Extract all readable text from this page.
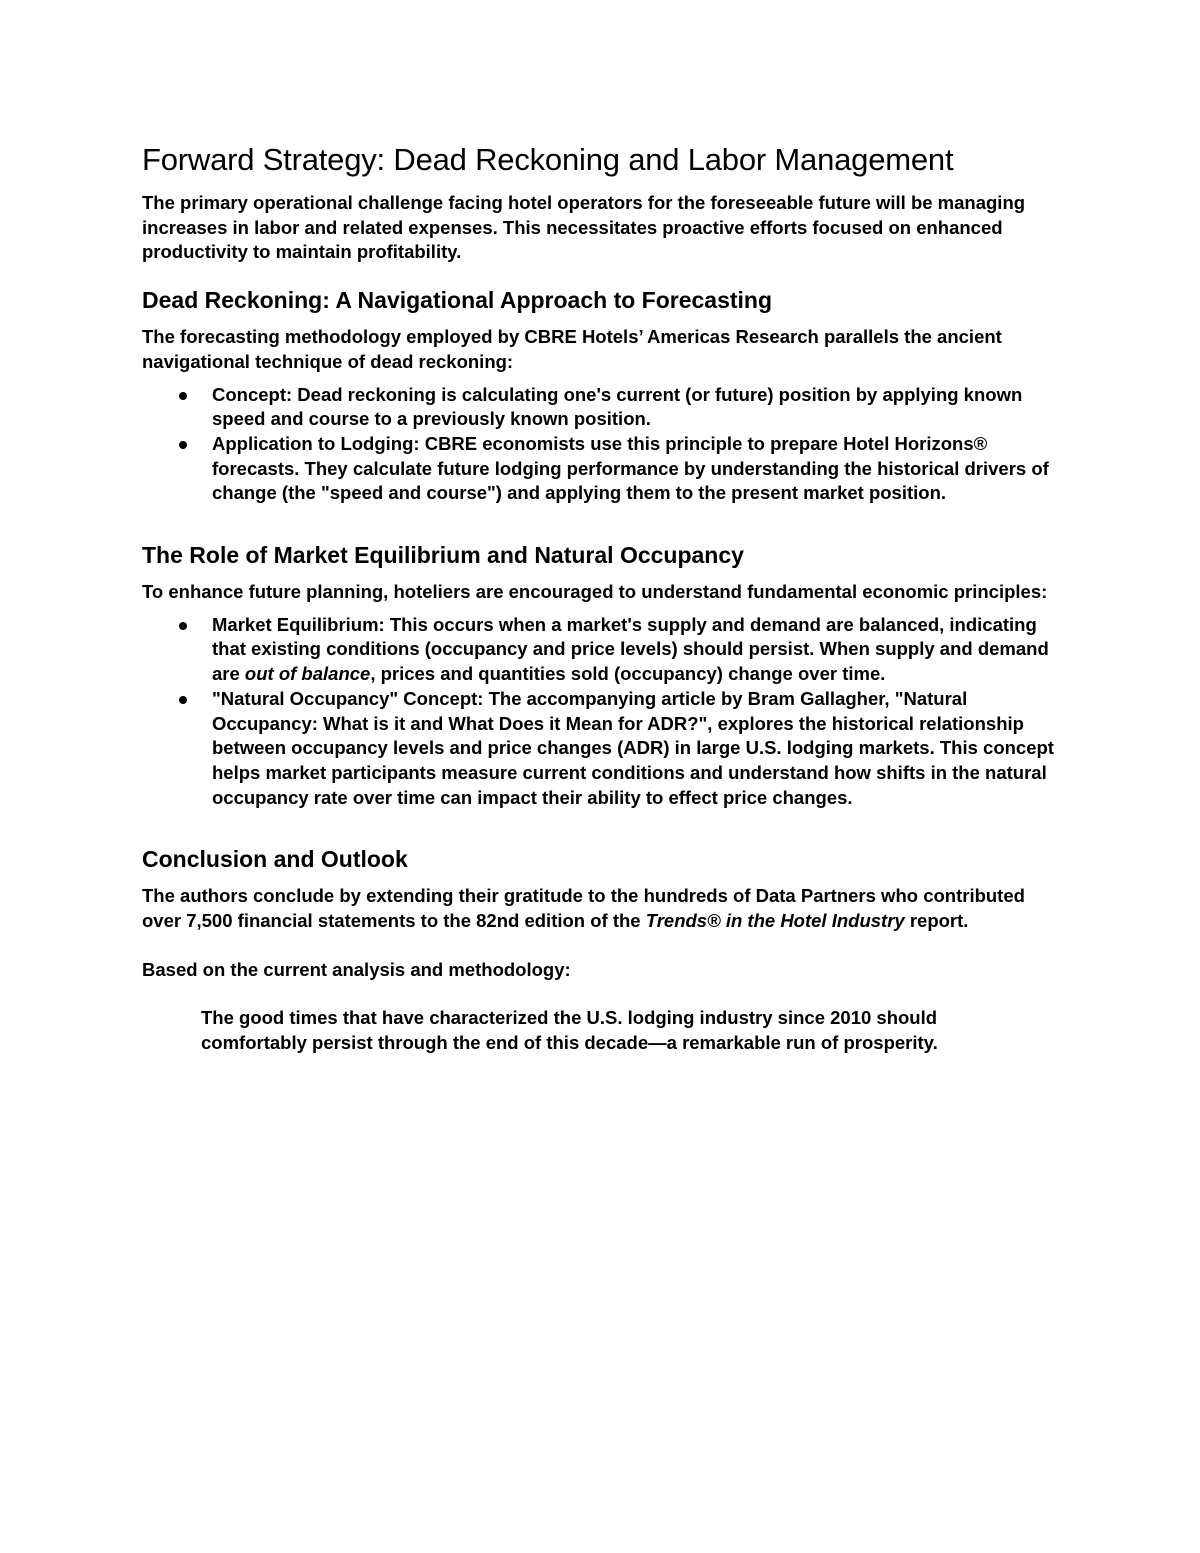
Forward Strategy: Dead Reckoning and Labor Management

The primary operational challenge facing hotel operators for the foreseeable future will be managing increases in labor and related expenses. This necessitates proactive efforts focused on enhanced productivity to maintain profitability.

Dead Reckoning: A Navigational Approach to Forecasting

The forecasting methodology employed by CBRE Hotels’ Americas Research parallels the ancient navigational technique of dead reckoning:

Concept: Dead reckoning is calculating one's current (or future) position by applying known speed and course to a previously known position.
Application to Lodging: CBRE economists use this principle to prepare Hotel Horizons® forecasts. They calculate future lodging performance by understanding the historical drivers of change (the "speed and course") and applying them to the present market position.
The Role of Market Equilibrium and Natural Occupancy

To enhance future planning, hoteliers are encouraged to understand fundamental economic principles:

Market Equilibrium: This occurs when a market's supply and demand are balanced, indicating that existing conditions (occupancy and price levels) should persist. When supply and demand are out of balance, prices and quantities sold (occupancy) change over time.
"Natural Occupancy" Concept: The accompanying article by Bram Gallagher, "Natural Occupancy: What is it and What Does it Mean for ADR?", explores the historical relationship between occupancy levels and price changes (ADR) in large U.S. lodging markets. This concept helps market participants measure current conditions and understand how shifts in the natural occupancy rate over time can impact their ability to effect price changes.
Conclusion and Outlook

The authors conclude by extending their gratitude to the hundreds of Data Partners who contributed over 7,500 financial statements to the 82nd edition of the Trends® in the Hotel Industry report.

Based on the current analysis and methodology:

The good times that have characterized the U.S. lodging industry since 2010 should comfortably persist through the end of this decade—a remarkable run of prosperity.
